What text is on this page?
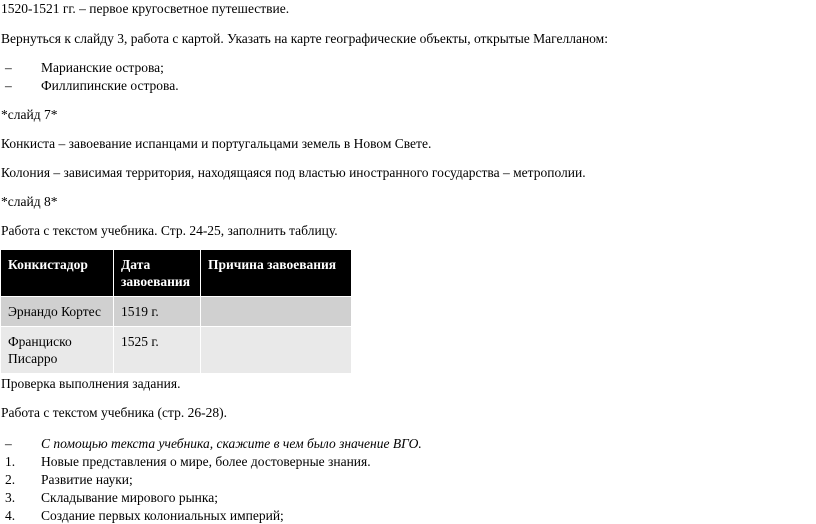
1520-1521 гг. – первое кругосветное путешествие.
Вернуться к слайду 3, работа с картой. Указать на карте географические объекты, открытые Магелланом:
– Марианские острова;
– Филлипинские острова.
*слайд 7*
Конкиста – завоевание испанцами и португальцами земель в Новом Свете.
Колония – зависимая территория, находящаяся под властью иностранного государства – метрополии.
*слайд 8*
Работа с текстом учебника. Стр. 24-25, заполнить таблицу.
Конкистадор	Дата завоевания	Причина завоевания
Эрнандо Кортес	1519 г.	
Франциско Писарро	1525 г.	
Проверка выполнения задания.
Работа с текстом учебника (стр. 26-28).
– С помощью текста учебника, скажите в чем было значение ВГО.
1. Новые представления о мире, более достоверные знания.
2. Развитие науки;
3. Складывание мирового рынка;
4. Создание первых колониальных империй;
